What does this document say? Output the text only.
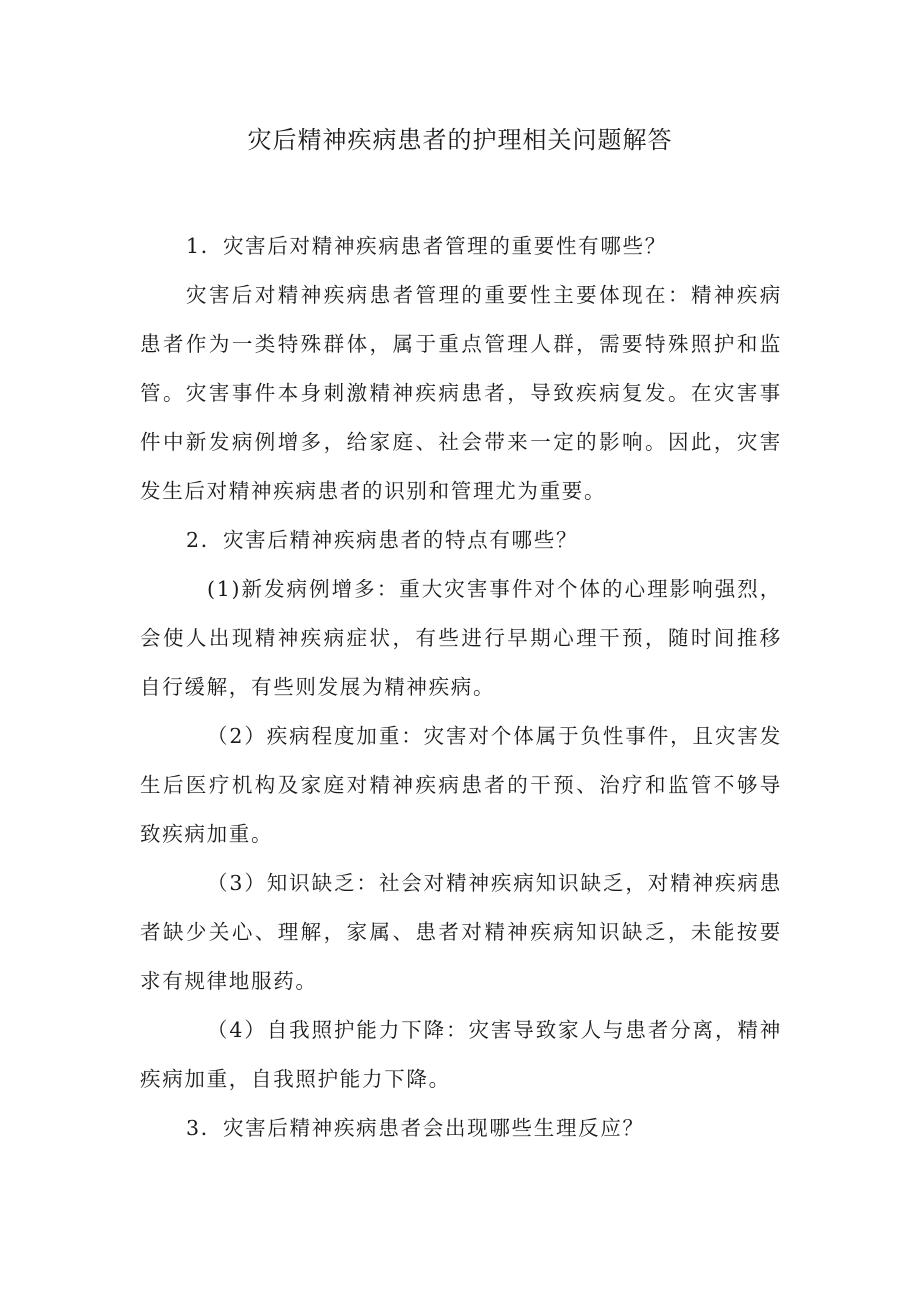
灾后精神疾病患者的护理相关问题解答

1．灾害后对精神疾病患者管理的重要性有哪些？

灾害后对精神疾病患者管理的重要性主要体现在：精神疾病患者作为一类特殊群体，属于重点管理人群，需要特殊照护和监管。灾害事件本身刺激精神疾病患者，导致疾病复发。在灾害事件中新发病例增多，给家庭、社会带来一定的影响。因此，灾害发生后对精神疾病患者的识别和管理尤为重要。

2．灾害后精神疾病患者的特点有哪些？

(1)新发病例增多：重大灾害事件对个体的心理影响强烈，会使人出现精神疾病症状，有些进行早期心理干预，随时间推移自行缓解，有些则发展为精神疾病。

（2）疾病程度加重：灾害对个体属于负性事件，且灾害发生后医疗机构及家庭对精神疾病患者的干预、治疗和监管不够导致疾病加重。

（3）知识缺乏：社会对精神疾病知识缺乏，对精神疾病患者缺少关心、理解，家属、患者对精神疾病知识缺乏，未能按要求有规律地服药。

（4）自我照护能力下降：灾害导致家人与患者分离，精神疾病加重，自我照护能力下降。

3．灾害后精神疾病患者会出现哪些生理反应？
